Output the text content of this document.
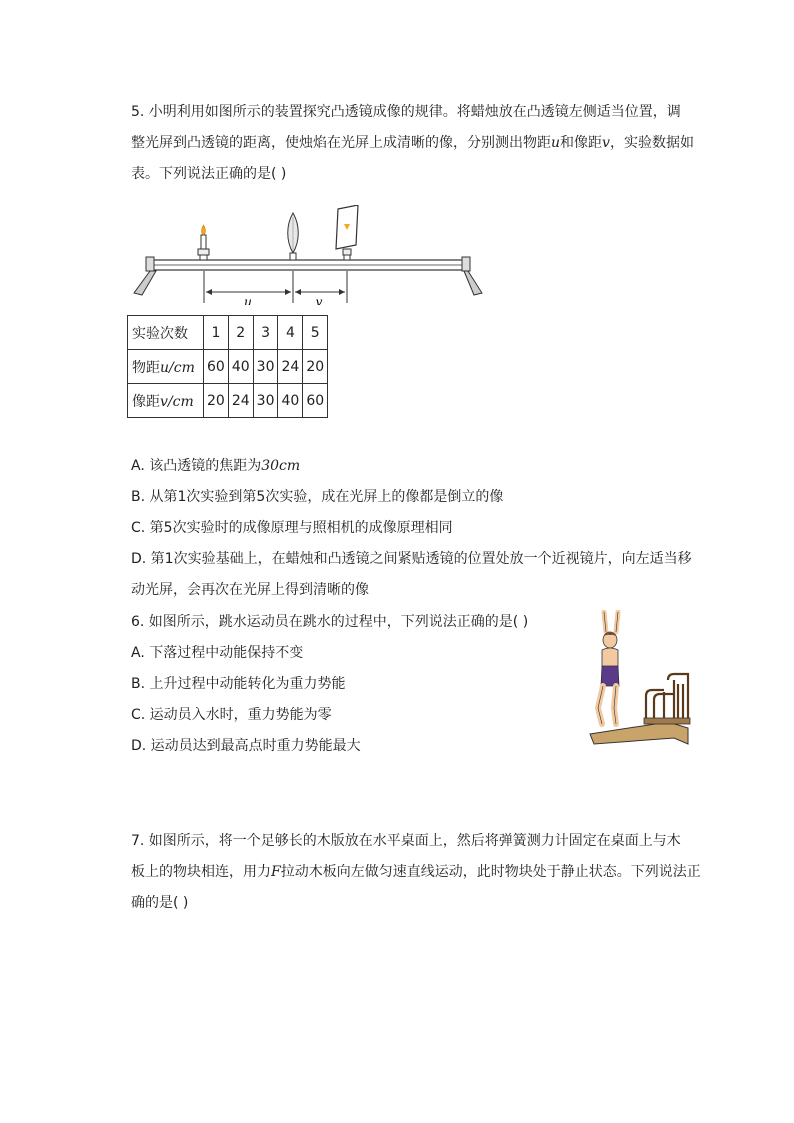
5. 小明利用如图所示的装置探究凸透镜成像的规律。将蜡烛放在凸透镜左侧适当位置，调
整光屏到凸透镜的距离，使烛焰在光屏上成清晰的像，分别测出物距u和像距v，实验数据如
表。下列说法正确的是( )
u	v
实验次数	1	2	3	4	5
物距u/cm	60	40	30	24	20
像距v/cm	20	24	30	40	60
A. 该凸透镜的焦距为30cm
B. 从第1次实验到第5次实验，成在光屏上的像都是倒立的像
C. 第5次实验时的成像原理与照相机的成像原理相同
D. 第1次实验基础上，在蜡烛和凸透镜之间紧贴透镜的位置处放一个近视镜片，向左适当移
动光屏，会再次在光屏上得到清晰的像
6. 如图所示，跳水运动员在跳水的过程中，下列说法正确的是( )
A. 下落过程中动能保持不变
B. 上升过程中动能转化为重力势能
C. 运动员入水时，重力势能为零
D. 运动员达到最高点时重力势能最大
7. 如图所示，将一个足够长的木版放在水平桌面上，然后将弹簧测力计固定在桌面上与木
板上的物块相连，用力F拉动木板向左做匀速直线运动，此时物块处于静止状态。下列说法正
确的是( )
